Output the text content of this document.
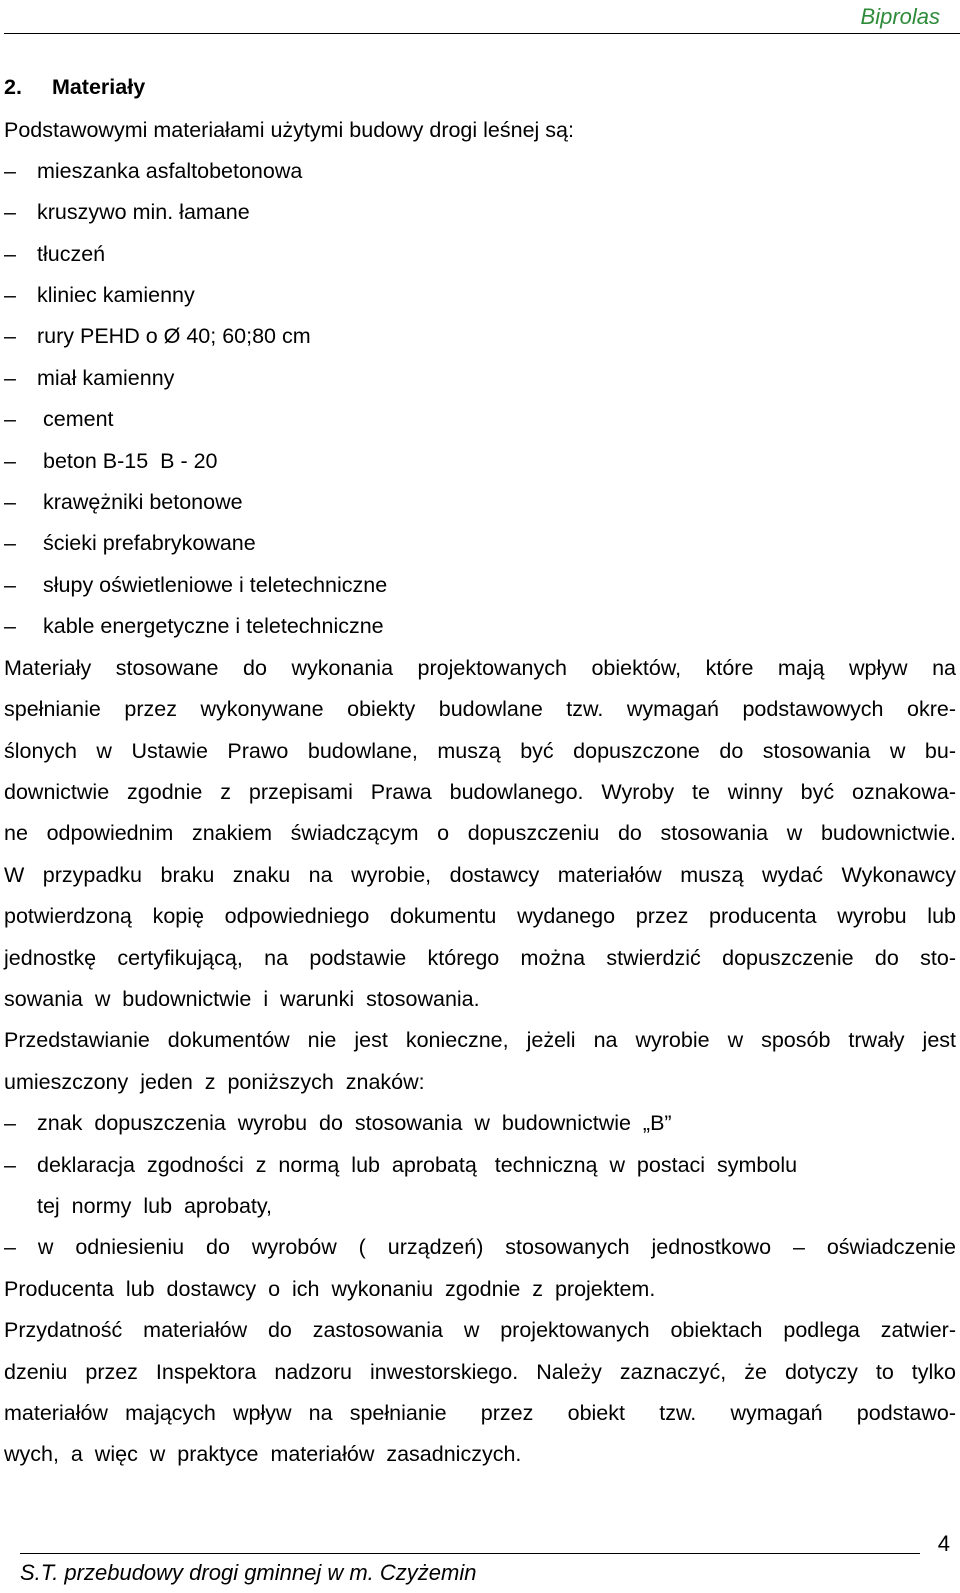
Biprolas
2. Materiały
Podstawowymi materiałami użytymi budowy drogi leśnej są:
– mieszanka asfaltobetonowa
– kruszywo min. łamane
– tłuczeń
– kliniec kamienny
– rury PEHD o Ø 40; 60;80 cm
– miał kamienny
– cement
– beton B-15  B - 20
– krawężniki betonowe
– ścieki prefabrykowane
– słupy oświetleniowe i teletechniczne
– kable energetyczne i teletechniczne
Materiały stosowane do wykonania projektowanych obiektów, które mają wpływ na
spełnianie przez wykonywane obiekty budowlane tzw. wymagań podstawowych okre-
ślonych w Ustawie Prawo budowlane, muszą być dopuszczone do stosowania w bu-
downictwie zgodnie z przepisami Prawa budowlanego. Wyroby te winny być oznakowa-
ne odpowiednim znakiem świadczącym o dopuszczeniu do stosowania w budownictwie.
W przypadku braku znaku na wyrobie, dostawcy materiałów muszą wydać Wykonawcy
potwierdzoną kopię odpowiedniego dokumentu wydanego przez producenta wyrobu lub
jednostkę certyfikującą, na podstawie którego można stwierdzić dopuszczenie do sto-
sowania  w  budownictwie  i  warunki  stosowania.
Przedstawianie dokumentów nie jest konieczne, jeżeli na wyrobie w sposób trwały jest
umieszczony  jeden  z  poniższych  znaków:
– znak  dopuszczenia  wyrobu  do  stosowania  w  budownictwie  „B”
– deklaracja  zgodności  z  normą  lub  aprobatą   techniczną  w  postaci  symbolu
tej  normy  lub  aprobaty,
– w odniesieniu do wyrobów ( urządzeń) stosowanych jednostkowo – oświadczenie
Producenta  lub  dostawcy  o  ich  wykonaniu  zgodnie  z  projektem.
Przydatność materiałów do zastosowania w projektowanych obiektach podlega zatwier-
dzeniu przez Inspektora nadzoru inwestorskiego. Należy zaznaczyć, że dotyczy to tylko
materiałów mających wpływ na spełnianie  przez  obiekt  tzw.  wymagań  podstawo-
wych,  a  więc  w  praktyce  materiałów  zasadniczych.
4
S.T. przebudowy drogi gminnej w m. Czyżemin
